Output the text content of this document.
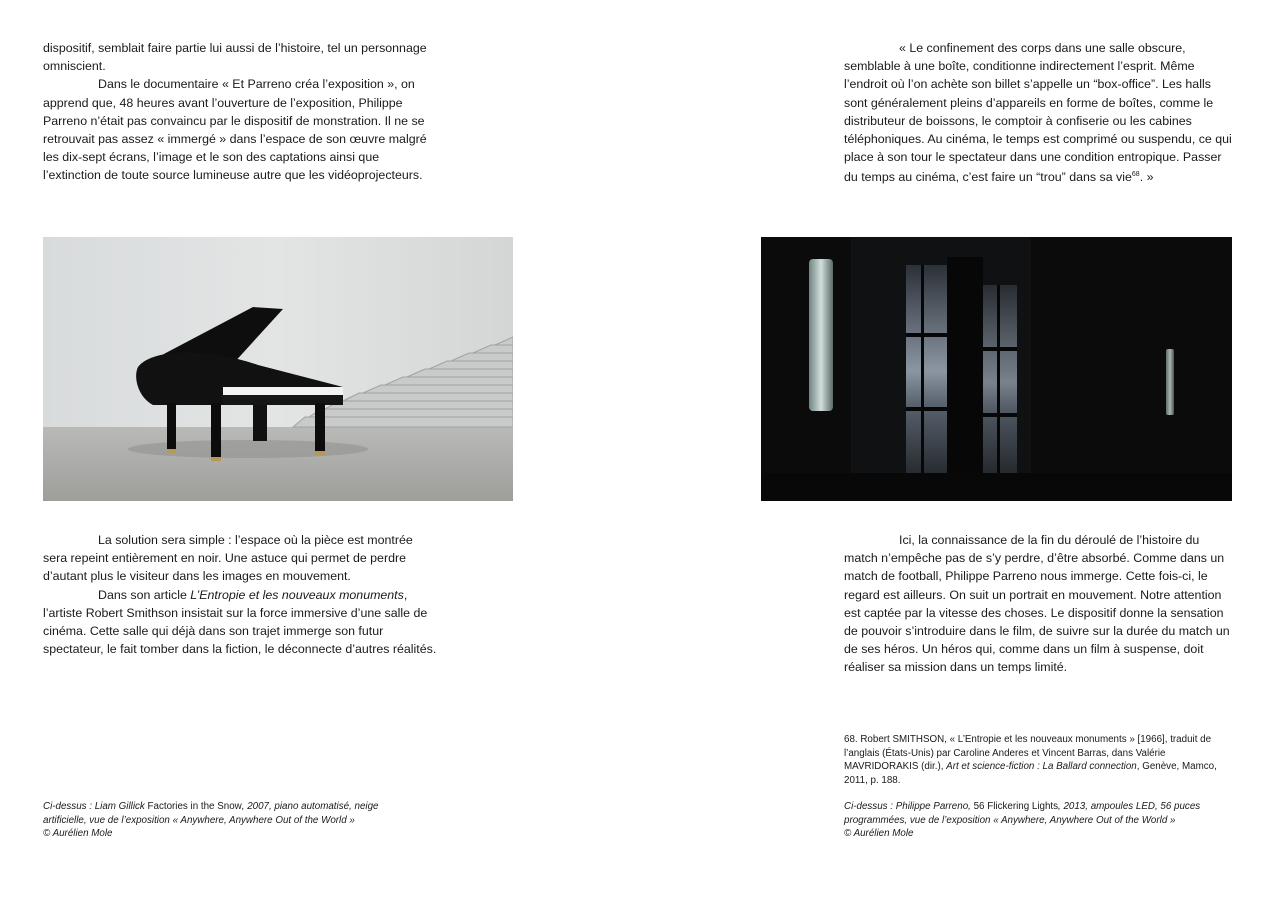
dispositif, semblait faire partie lui aussi de l’histoire, tel un personnage omniscient.

Dans le documentaire « Et Parreno créa l’exposition », on apprend que, 48 heures avant l’ouverture de l’exposition, Philippe Parreno n’était pas convaincu par le dispositif de monstration. Il ne se retrouvait pas assez « immergé » dans l’espace de son œuvre malgré les dix-sept écrans, l’image et le son des captations ainsi que l’extinction de toute source lumineuse autre que les vidéoprojecteurs.

La solution sera simple : l’espace où la pièce est montrée sera repeint entièrement en noir. Une astuce qui permet de perdre d’autant plus le visiteur dans les images en mouvement.

Dans son article L’Entropie et les nouveaux monuments, l’artiste Robert Smithson insistait sur la force immersive d’une salle de cinéma. Cette salle qui déjà dans son trajet immerge son futur spectateur, le fait tomber dans la fiction, le déconnecte d’autres réalités.

Ci-dessus : Liam Gillick Factories in the Snow, 2007, piano automatisé, neige artificielle, vue de l’exposition « Anywhere, Anywhere Out of the World »
© Aurélien Mole

« Le confinement des corps dans une salle obscure, semblable à une boîte, conditionne indirectement l’esprit. Même l’endroit où l’on achète son billet s’appelle un “box-office”. Les halls sont généralement pleins d’appareils en forme de boîtes, comme le distributeur de boissons, le comptoir à confiserie ou les cabines téléphoniques. Au cinéma, le temps est comprimé ou suspendu, ce qui place à son tour le spectateur dans une condition entropique. Passer du temps au cinéma, c’est faire un “trou” dans sa vie$^{68}$. »

Ici, la connaissance de la fin du déroulé de l’histoire du match n’empêche pas de s’y perdre, d’être absorbé. Comme dans un match de football, Philippe Parreno nous immerge. Cette fois-ci, le regard est ailleurs. On suit un portrait en mouvement. Notre attention est captée par la vitesse des choses. Le dispositif donne la sensation de pouvoir s’introduire dans le film, de suivre sur la durée du match un de ses héros. Un héros qui, comme dans un film à suspense, doit réaliser sa mission dans un temps limité.

68. Robert SMITHSON, « L’Entropie et les nouveaux monuments » [1966], traduit de l’anglais (États-Unis) par Caroline Anderes et Vincent Barras, dans Valérie MAVRIDORAKIS (dir.), Art et science-fiction : La Ballard connection, Genève, Mamco, 2011, p. 188.
Ci-dessus : Philippe Parreno, 56 Flickering Lights, 2013, ampoules LED, 56 puces programmées, vue de l’exposition « Anywhere, Anywhere Out of the World »
© Aurélien Mole
